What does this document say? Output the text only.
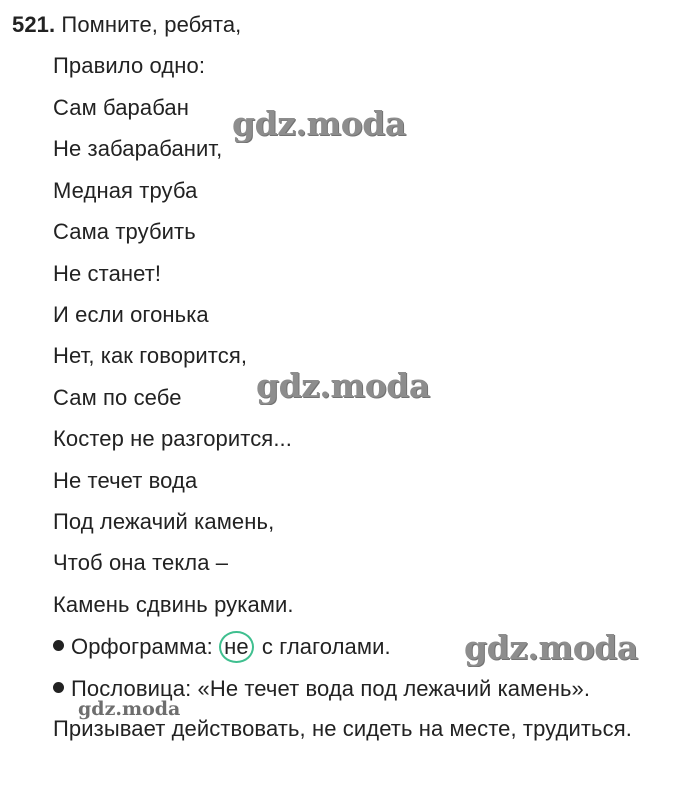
521. Помните, ребята,
Правило одно:
Сам барабан
Не забарабанит,
Медная труба
Сама трубить
Не станет!
И если огонька
Нет, как говорится,
Сам по себе
Костер не разгорится...
Не течет вода
Под лежачий камень,
Чтоб она текла –
Камень сдвинь руками.
Орфограмма: не с глаголами.
Пословица: «Не течет вода под лежачий камень».
Призывает действовать, не сидеть на месте, трудиться.
gdz.moda
gdz.moda
gdz.moda
gdz.moda
